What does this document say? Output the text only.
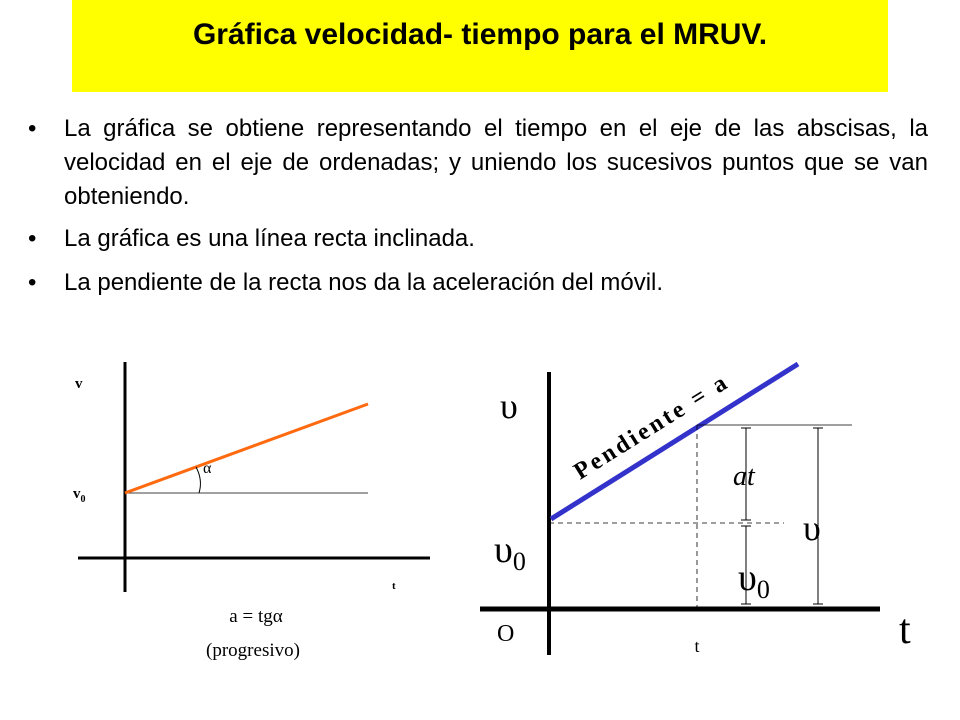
Gráfica velocidad- tiempo para el MRUV.
• La gráfica se obtiene representando el tiempo en el eje de las abscisas, la velocidad en el eje de ordenadas; y uniendo los sucesivos puntos que se van obteniendo.
• La gráfica es una línea recta inclinada.
• La pendiente de la recta nos da la aceleración del móvil.
v
$v_0$
α
t
a = tgα
(progresivo)
υ
$\upsilon_0$
Pendiente = a
at
υ
$\upsilon_0$
O	t	t
